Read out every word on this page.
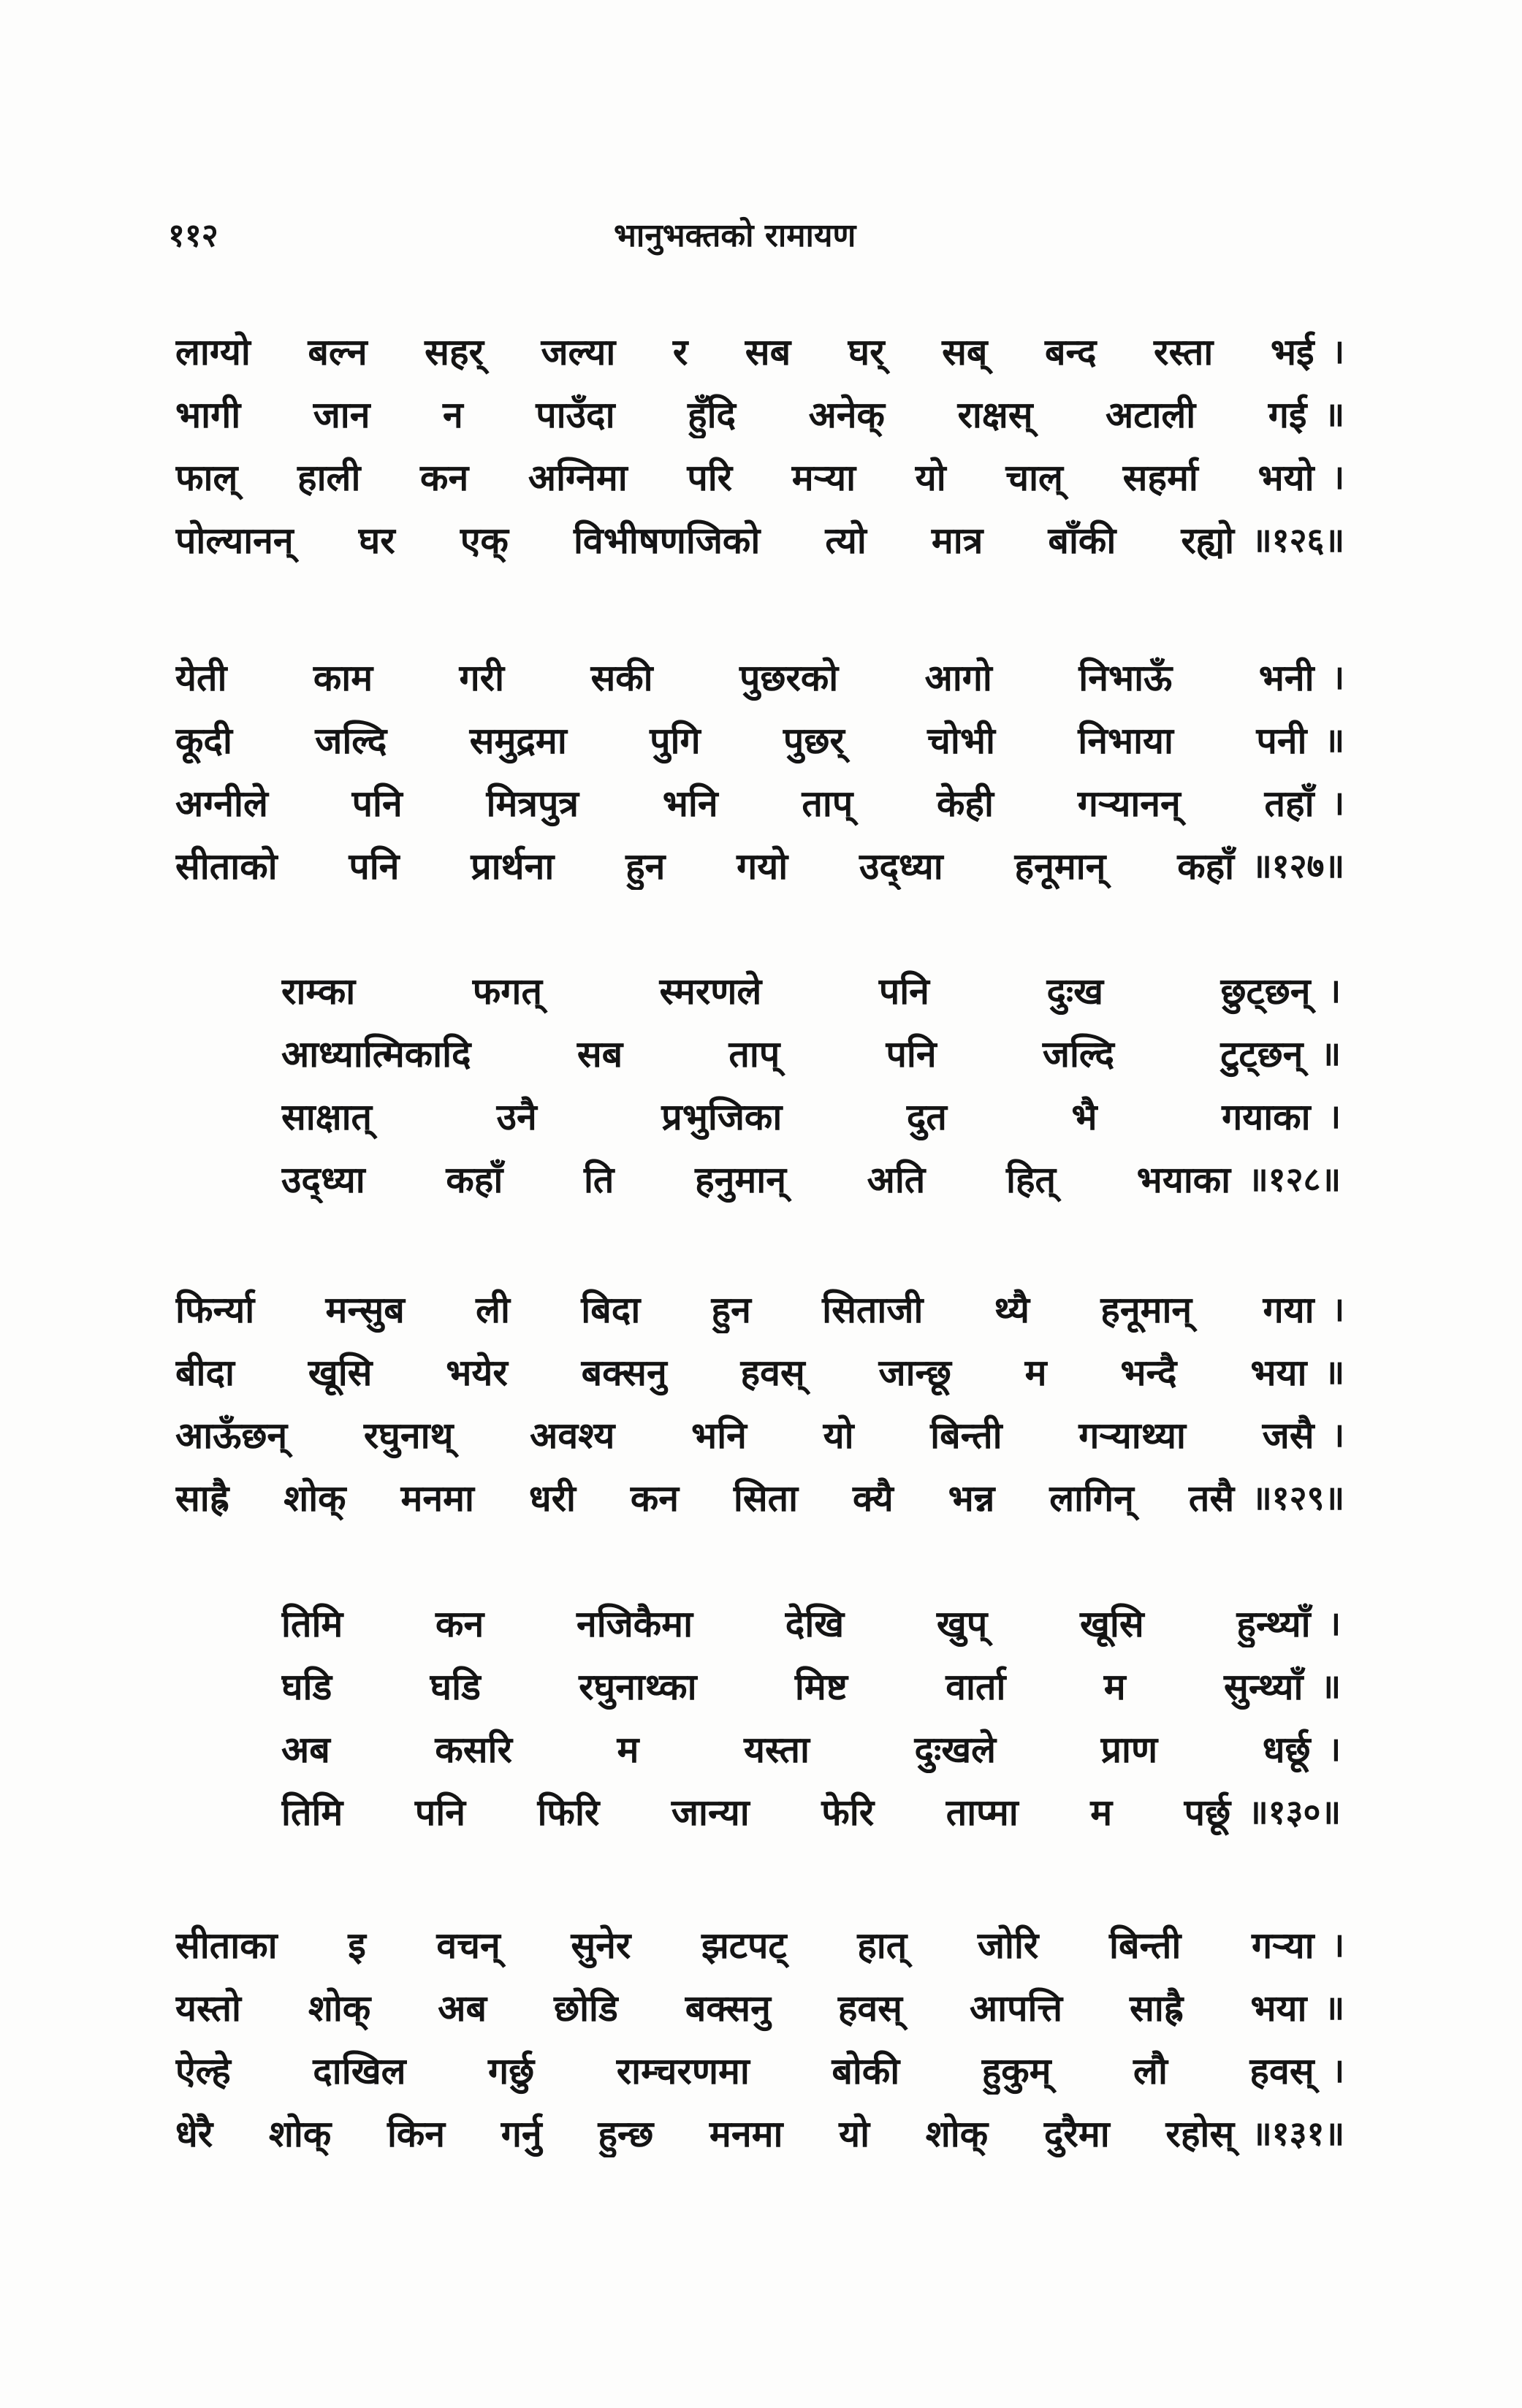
११२	भानुभक्तको रामायण
लाग्यो बल्न सहर् जल्या र सब घर् सब् बन्द रस्ता भई ।
भागी जान न पाउँदा हुँदि अनेक् राक्षस् अटाली गई ॥
फाल् हाली कन अग्निमा परि मऱ्या यो चाल् सहर्मा भयो ।
पोल्यानन् घर एक् विभीषणजिको त्यो मात्र बाँकी रह्यो ॥१२६॥
येती काम गरी सकी पुछरको आगो निभाऊँ भनी ।
कूदी जल्दि समुद्रमा पुगि पुछर् चोभी निभाया पनी ॥
अग्नीले पनि मित्रपुत्र भनि ताप् केही गऱ्यानन् तहाँ ।
सीताको पनि प्रार्थना हुन गयो उद्‌ध्या हनूमान् कहाँ ॥१२७॥
राम्का फगत् स्मरणले पनि दुःख छुट्छन् ।
आध्यात्मिकादि सब ताप् पनि जल्दि टुट्छन् ॥
साक्षात् उनै प्रभुजिका दुत भै गयाका ।
उद्‌ध्या कहाँ ति हनुमान् अति हित् भयाका ॥१२८॥
फिर्न्या मन्सुब ली बिदा हुन सिताजी थ्यै हनूमान् गया ।
बीदा खूसि भयेर बक्सनु हवस् जान्छू म भन्दै भया ॥
आऊँछन् रघुनाथ् अवश्य भनि यो बिन्ती गऱ्याथ्या जसै ।
साह्रै शोक् मनमा धरी कन सिता क्यै भन्न लागिन् तसै ॥१२९॥
तिमि कन नजिकैमा देखि खुप् खूसि हुन्थ्याँ ।
घडि घडि रघुनाथ्का मिष्ट वार्ता म सुन्थ्याँ ॥
अब कसरि म यस्ता दुःखले प्राण धर्छू ।
तिमि पनि फिरि जान्या फेरि ताप्मा म पर्छू ॥१३०॥
सीताका इ वचन् सुनेर झटपट् हात् जोरि बिन्ती गऱ्या ।
यस्तो शोक् अब छोडि बक्सनु हवस् आपत्ति साह्रै भया ॥
ऐल्हे दाखिल गर्छु राम्चरणमा बोकी हुकुम् लौ हवस् ।
धेरै शोक् किन गर्नु हुन्छ मनमा यो शोक् दुरैमा रहोस् ॥१३१॥
